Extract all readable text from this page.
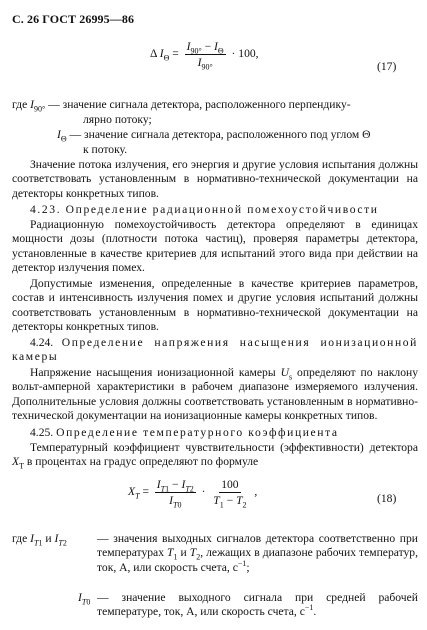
С. 26 ГОСТ 26995—86
Δ $I_\Theta = \frac{I_{90^\circ} - I_\Theta}{I_{90^\circ}} \cdot 100$,
(17)
где $I_{90^\circ}$ — значение сигнала детектора, расположенного перпендику-
лярно потоку;
$I_\Theta$ — значение сигнала детектора, расположенного под углом Θ
к потоку.

Значение потока излучения, его энергия и другие условия испытания должны соответствовать установленным в нормативно-технической документации на детекторы конкретных типов.

4.23. Определение радиационной помехоустойчивости

Радиационную помехоустойчивость детектора определяют в единицах мощности дозы (плотности потока частиц), проверяя параметры детектора, установленные в качестве критериев для испытаний этого вида при действии на детектор излучения помех.

Допустимые изменения, определенные в качестве критериев параметров, состав и интенсивность излучения помех и другие условия испытаний должны соответствовать установленным в нормативно-технической документации на детекторы конкретных типов.

4.24. Определение напряжения насыщения ионизационной камеры

Напряжение насыщения ионизационной камеры $U_s$ определяют по наклону вольт-амперной характеристики в рабочем диапазоне измеряемого излучения. Дополнительные условия должны соответствовать установленным в нормативно-технической документации на ионизационные камеры конкретных типов.

4.25. Определение температурного коэффициента

Температурный коэффициент чувствительности (эффективности) детектора $X_T$ в процентах на градус определяют по формуле

$X_T = \frac{I_{T1} - I_{T2}}{I_{T0}} \cdot \frac{100}{T_1 - T_2}$ ,
(18)
где $I_{T1}$ и $I_{T2}$	— значения выходных сигналов детектора соответственно при температурах $T_1$ и $T_2$, лежащих в диапазоне рабочих температур, ток, А, или скорость счета, $с^{-1}$;
$I_{T0}$ — значение выходного сигнала при средней рабочей температуре, ток, А, или скорость счета, $с^{-1}$.
